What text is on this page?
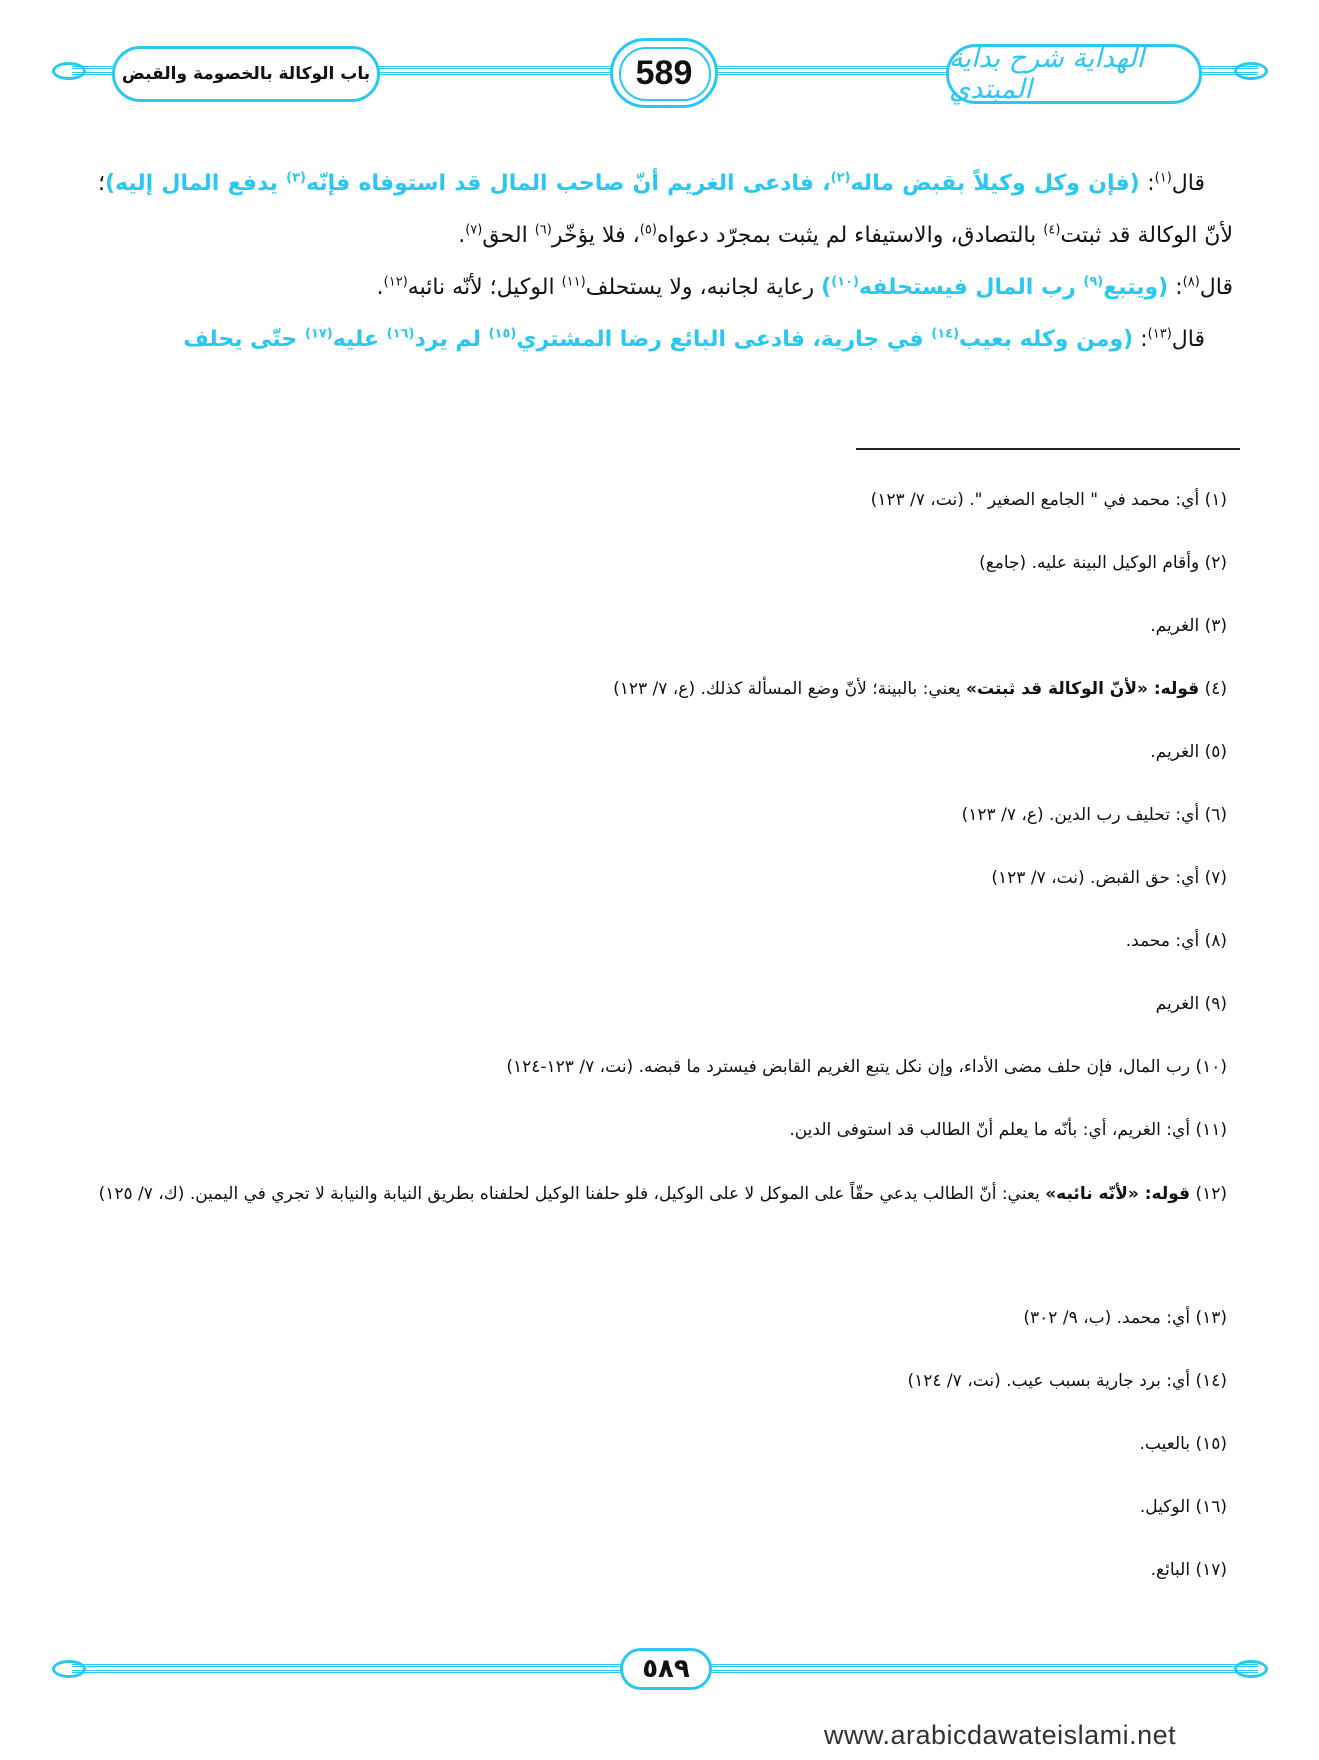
باب الوكالة بالخصومة والقبض	589	الهداية شرح بداية المبتدي
قال$^{(١)}$: (فإن وكل وكيلاً بقبض ماله$^{(٢)}$، فادعى الغريم أنّ صاحب المال قد استوفاه فإنّه$^{(٣)}$ يدفع المال إليه)؛ لأنّ الوكالة قد ثبتت$^{(٤)}$ بالتصادق، والاستيفاء لم يثبت بمجرّد دعواه$^{(٥)}$، فلا يؤخّر$^{(٦)}$ الحق$^{(٧)}$.
قال$^{(٨)}$: (ويتبع$^{(٩)}$ رب المال فيستحلفه$^{(١٠)}$) رعاية لجانبه، ولا يستحلف$^{(١١)}$ الوكيل؛ لأنّه نائبه$^{(١٢)}$.
قال$^{(١٣)}$: (ومن وكله بعيب$^{(١٤)}$ في جارية، فادعى البائع رضا المشتري$^{(١٥)}$ لم يرد$^{(١٦)}$ عليه$^{(١٧)}$ حتّى يحلف
(١) أي: محمد في " الجامع الصغير ". (نت، ٧/ ١٢٣)
(٢) وأقام الوكيل البينة عليه. (جامع)
(٣) الغريم.
(٤) قوله: «لأنّ الوكالة قد ثبتت» يعني: بالبينة؛ لأنّ وضع المسألة كذلك. (ع، ٧/ ١٢٣)
(٥) الغريم.
(٦) أي: تحليف رب الدين. (ع، ٧/ ١٢٣)
(٧) أي: حق القبض. (نت، ٧/ ١٢٣)
(٨) أي: محمد.
(٩) الغريم
(١٠) رب المال، فإن حلف مضى الأداء، وإن نكل يتبع الغريم القابض فيسترد ما قبضه. (نت، ٧/ ١٢٣-١٢٤)
(١١) أي: الغريم، أي: بأنّه ما يعلم أنّ الطالب قد استوفى الدين.
(١٢) قوله: «لأنّه نائبه» يعني: أنّ الطالب يدعي حقّاً على الموكل لا على الوكيل، فلو حلفنا الوكيل لحلفناه بطريق النيابة والنيابة لا تجري في اليمين. (ك، ٧/ ١٢٥)
(١٣) أي: محمد. (ب، ٩/ ٣٠٢)
(١٤) أي: برد جارية بسبب عيب. (نت، ٧/ ١٢٤)
(١٥) بالعيب.
(١٦) الوكيل.
(١٧) البائع.
٥٨٩
www.arabicdawateislami.net
